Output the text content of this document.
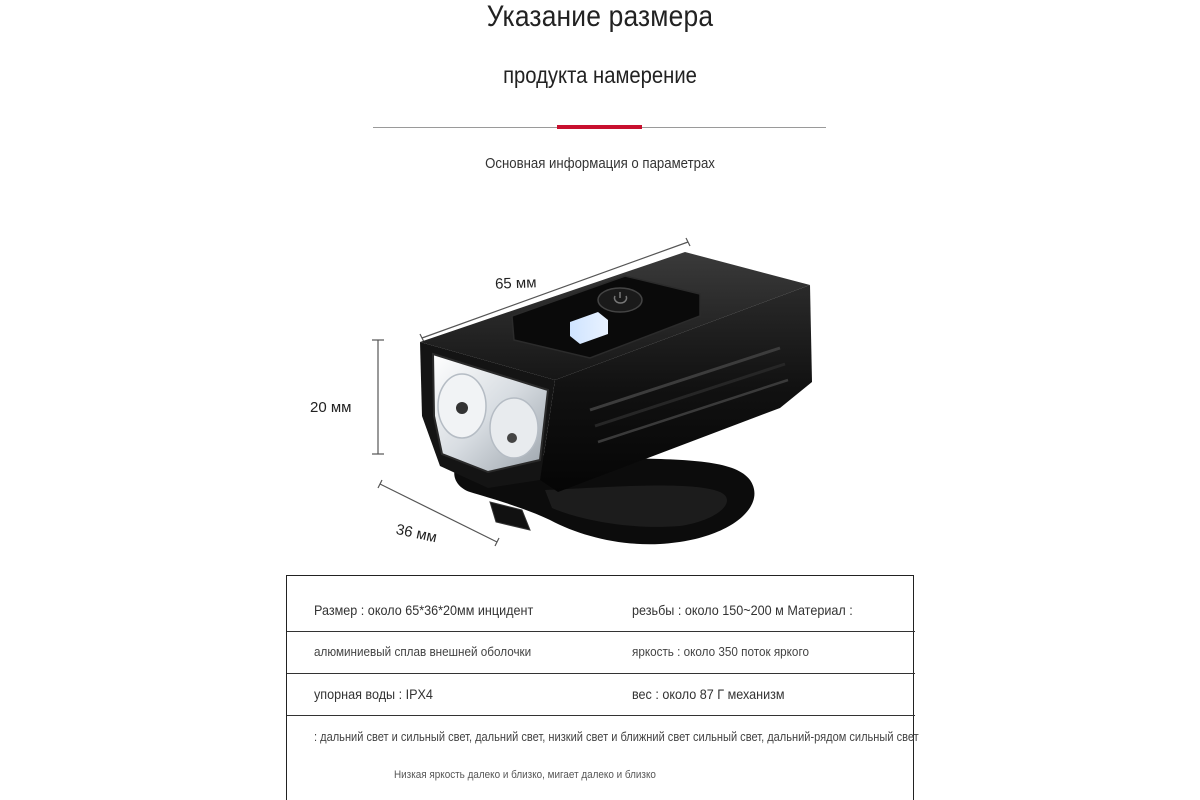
Указание размера
продукта намерение
Основная информация о параметрах
65 мм
20 мм
36 мм
Размер : около 65*36*20мм инцидент	резьбы : около 150~200 м Материал :
алюминиевый сплав внешней оболочки	яркость : около 350 поток яркого
упорная воды : IPX4	вес : около 87 Г механизм
: дальний свет и сильный свет, дальний свет, низкий свет и ближний свет сильный свет, дальний-рядом сильный свет
Низкая яркость далеко и близко, мигает далеко и близко
